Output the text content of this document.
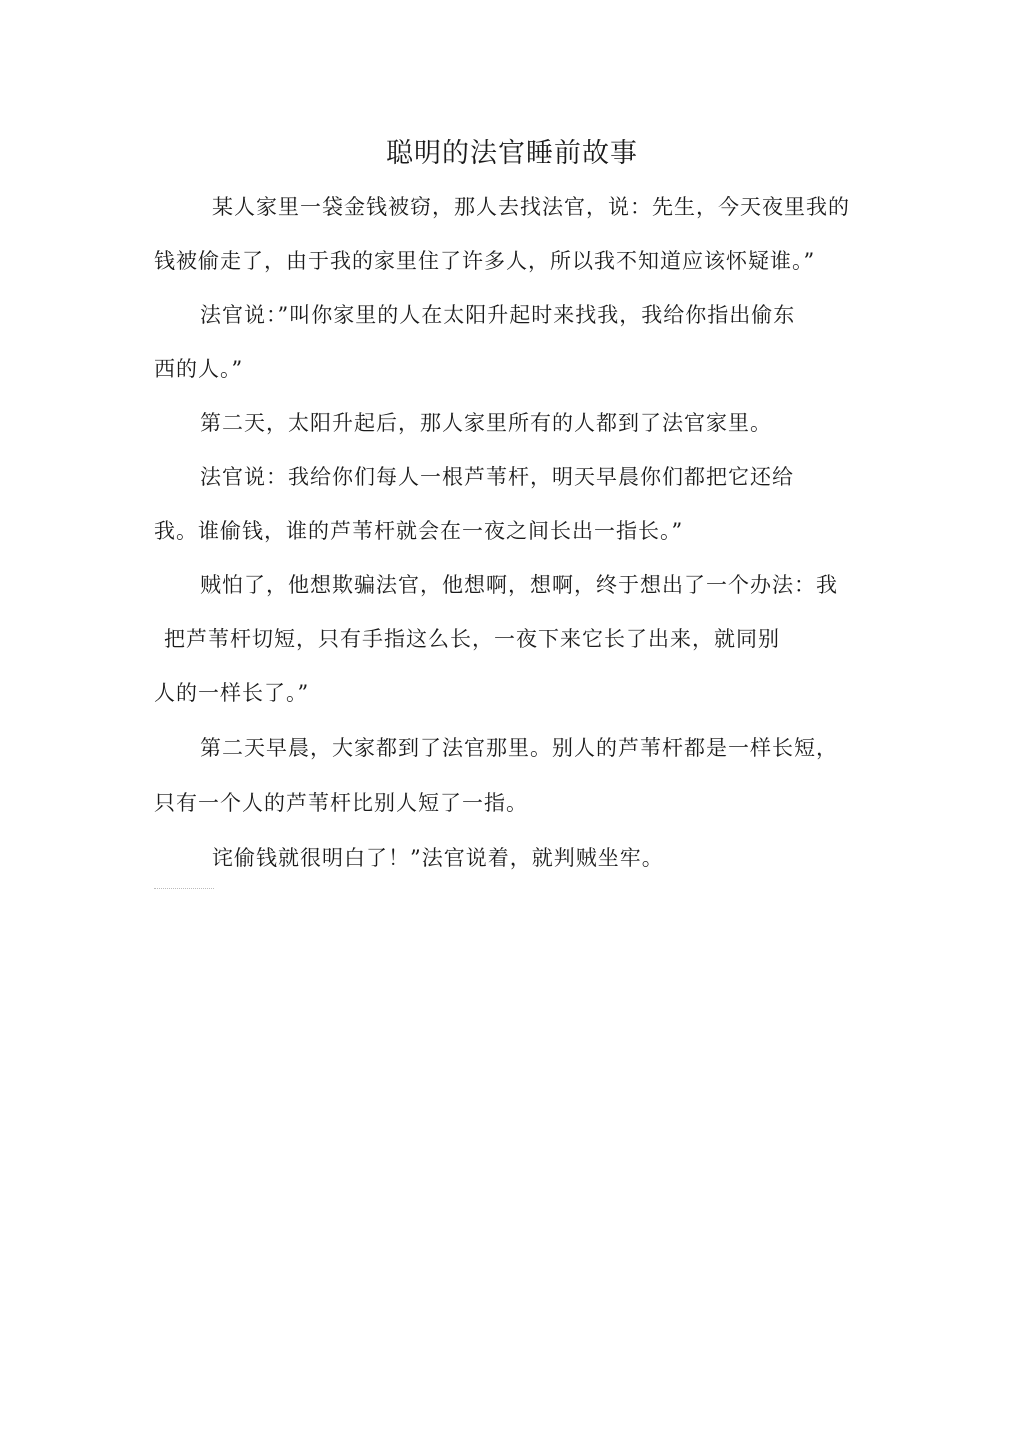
聪明的法官睡前故事
某人家里一袋金钱被窃，那人去找法官，说：先生，今天夜里我的
钱被偷走了，由于我的家里住了许多人，所以我不知道应该怀疑谁。”
法官说：”叫你家里的人在太阳升起时来找我，我给你指出偷东
西的人。”
第二天，太阳升起后，那人家里所有的人都到了法官家里。
法官说：我给你们每人一根芦苇杆，明天早晨你们都把它还给
我。谁偷钱，谁的芦苇杆就会在一夜之间长出一指长。”
贼怕了，他想欺骗法官，他想啊，想啊，终于想出了一个办法：我
把芦苇杆切短，只有手指这么长，一夜下来它长了出来，就同别
人的一样长了。”
第二天早晨，大家都到了法官那里。别人的芦苇杆都是一样长短，
只有一个人的芦苇杆比别人短了一指。
诧偷钱就很明白了！”法官说着，就判贼坐牢。
